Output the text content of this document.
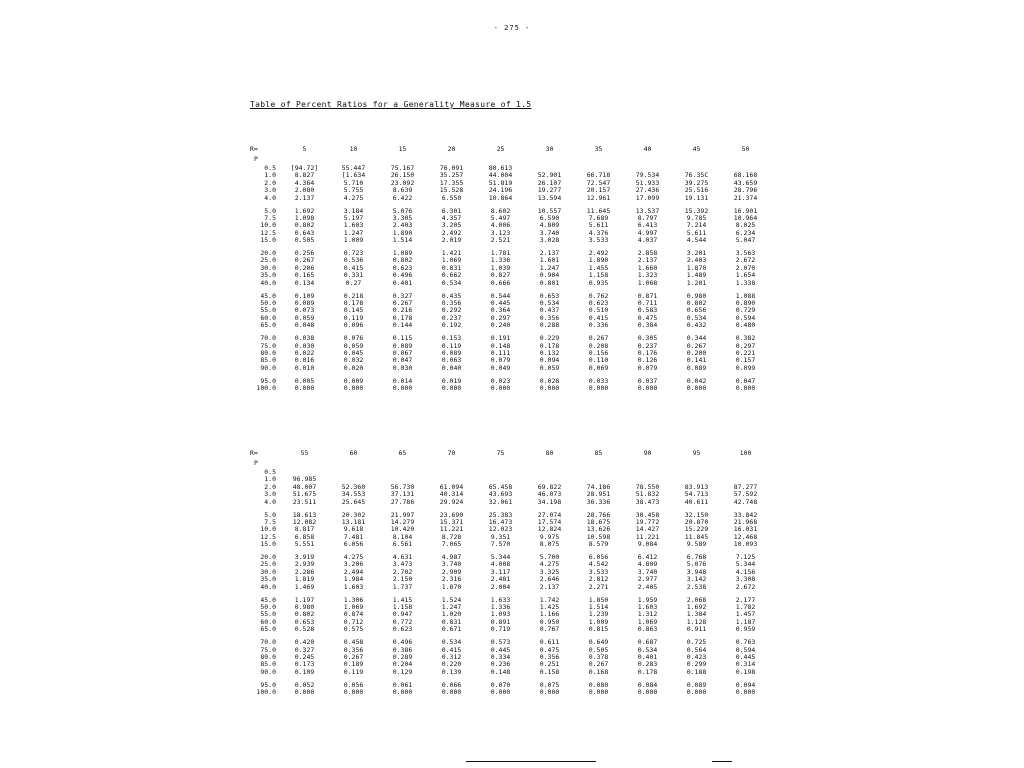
- 275 -
Table of Percent Ratios for a Generality Measure of 1.5
R=	5	10	15	20	25	30	35	40	45	50
P
0.5	[94.72]	55.447	75.167	76.091	80.613
1.0	8.827	[1.634	26.150	35.257	44.004	52.901	66.718	79.534	76.35C	68.168
2.0	4.364	5.710	23.092	17.355	51.819	26.107	72.547	51.933	39.275	43.659
3.0	2.080	5.755	8.639	15.528	24.196	19.277	20.157	27.436	25.516	28.796
4.0	2.137	4.275	6.422	6.550	10.864	13.594	12.961	17.099	19.131	21.374
5.0	1.692	3.184	5.076	6.301	8.602	10.557	11.645	13.537	15.392	16.901
7.5	1.098	5.197	3.305	4.357	5.497	6.590	7.689	8.797	9.785	10.964
10.0	0.802	1.603	2.403	3.205	4.006	4.809	5.611	6.413	7.214	8.025
12.5	0.643	1.247	1.890	2.492	3.123	3.740	4.376	4.997	5.611	6.234
15.0	0.505	1.009	1.514	2.019	2.521	3.028	3.533	4.037	4.544	5.047
20.0	0.256	0.723	1.089	1.421	1.781	2.137	2.492	2.858	3.201	3.563
25.0	0.267	0.536	0.802	1.069	1.336	1.601	1.890	2.137	2.403	2.672
30.0	0.206	0.415	0.623	0.831	1.039	1.247	1.455	1.660	1.870	2.070
35.0	0.165	0.331	0.496	0.662	0.827	0.904	1.158	1.323	1.489	1.654
40.0	0.134	0.27	0.401	0.534	0.666	0.801	0.935	1.068	1.201	1.338
45.0	0.109	0.218	0.327	0.435	0.544	0.653	0.762	0.871	0.980	1.088
50.0	0.089	0.178	0.267	0.356	0.445	0.534	0.623	0.711	0.802	0.890
55.0	0.073	0.145	0.216	0.292	0.364	0.437	0.510	0.583	0.656	0.729
60.0	0.059	0.119	0.178	0.237	0.297	0.356	0.415	0.475	0.534	0.594
65.0	0.048	0.096	0.144	0.192	0.240	0.288	0.336	0.384	0.432	0.480
70.0	0.038	0.076	0.115	0.153	0.191	0.229	0.267	0.305	0.344	0.382
75.0	0.030	0.059	0.089	0.119	0.148	0.178	0.208	0.237	0.267	0.297
80.0	0.022	0.045	0.067	0.089	0.111	0.132	0.156	0.176	0.200	0.221
85.0	0.016	0.032	0.047	0.063	0.079	0.094	0.110	0.126	0.141	0.157
90.0	0.010	0.020	0.030	0.040	0.049	0.059	0.069	0.079	0.089	0.099
95.0	0.005	0.009	0.014	0.019	0.023	0.028	0.033	0.037	0.042	0.047
100.0	0.000	0.000	0.000	0.000	0.000	0.000	0.000	0.000	0.000	0.000
R=	55	60	65	70	75	80	85	90	95	100
P
0.5
1.0	96.985
2.0	48.007	52.360	56.730	61.094	65.458	69.822	74.186	78.550	83.913	87.277
3.0	51.675	34.553	37.131	40.314	43.693	46.073	28.951	51.832	54.713	57.592
4.0	23.511	25.645	27.786	29.924	32.061	34.198	36.336	38.473	40.611	42.748
5.0	18.613	20.302	21.997	23.690	25.383	27.074	28.766	30.458	32.150	33.842
7.5	12.082	13.181	14.279	15.371	16.473	17.574	18.675	19.772	20.870	21.968
10.0	8.817	9.618	10.420	11.221	12.023	12.824	13.626	14.427	15.229	16.031
12.5	6.858	7.481	8.104	8.728	9.351	9.975	10.598	11.221	11.845	12.468
15.0	5.551	6.056	6.561	7.065	7.570	8.075	8.579	9.084	9.589	10.093
20.0	3.919	4.275	4.631	4.987	5.344	5.700	6.056	6.412	6.768	7.125
25.0	2.939	3.206	3.473	3.740	4.008	4.275	4.542	4.809	5.076	5.344
30.0	2.286	2.494	2.702	2.909	3.117	3.325	3.533	3.740	3.948	4.156
35.0	1.819	1.984	2.150	2.316	2.481	2.646	2.812	2.977	3.142	3.308
40.0	1.469	1.603	1.737	1.870	2.004	2.137	2.271	2.405	2.538	2.672
45.0	1.197	1.306	1.415	1.524	1.633	1.742	1.850	1.959	2.068	2.177
50.0	0.980	1.069	1.158	1.247	1.336	1.425	1.514	1.603	1.692	1.782
55.0	0.802	0.874	0.947	1.020	1.093	1.166	1.239	1.312	1.384	1.457
60.0	0.653	0.712	0.772	0.831	0.891	0.950	1.009	1.069	1.128	1.187
65.0	0.528	0.575	0.623	0.671	0.719	0.767	0.815	0.863	0.911	0.959
70.0	0.420	0.458	0.496	0.534	0.573	0.611	0.649	0.687	0.725	0.763
75.0	0.327	0.356	0.386	0.415	0.445	0.475	0.505	0.534	0.564	0.594
80.0	0.245	0.267	0.289	0.312	0.334	0.356	0.378	0.401	0.423	0.445
85.0	0.173	0.189	0.204	0.220	0.236	0.251	0.267	0.283	0.299	0.314
90.0	0.109	0.119	0.129	0.139	0.148	0.158	0.168	0.178	0.188	0.198
95.0	0.052	0.056	0.061	0.066	0.070	0.075	0.080	0.084	0.089	0.094
100.0	0.000	0.000	0.000	0.000	0.000	0.000	0.000	0.000	0.000	0.000
